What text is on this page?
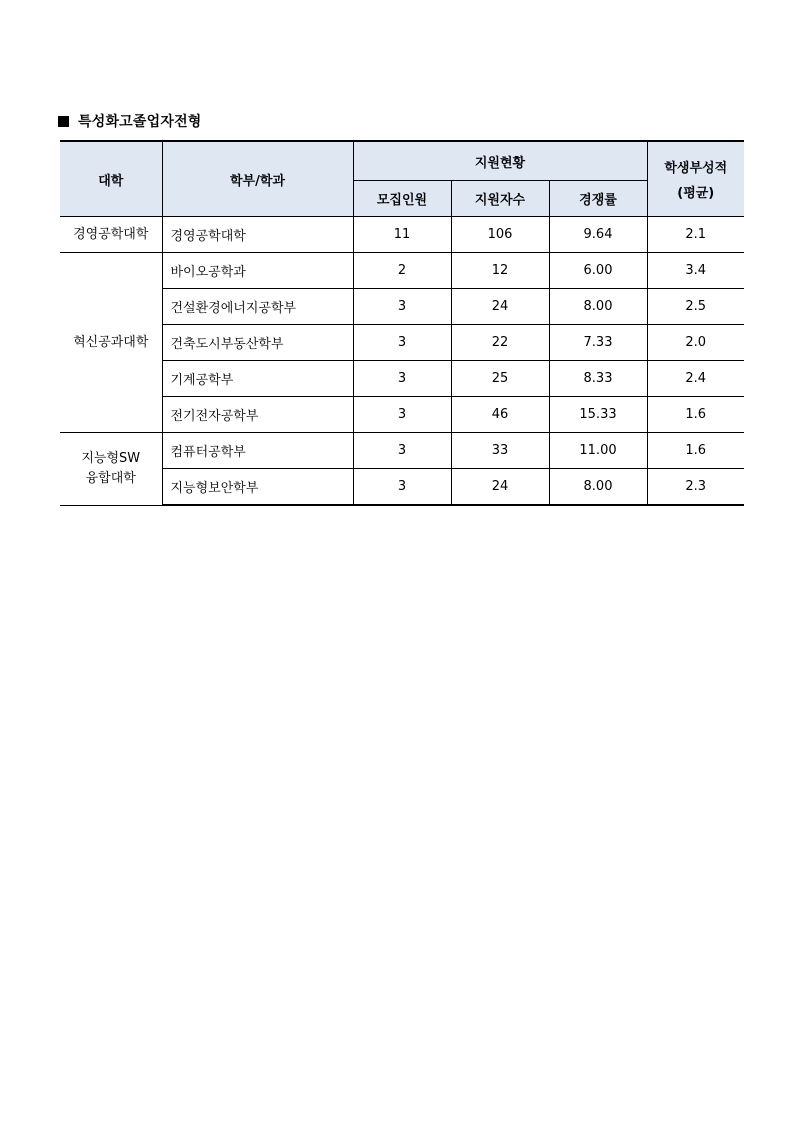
특성화고졸업자전형
대학	학부/학과	지원현황			학생부성적
(평균)

		모집인원	지원자수	경쟁률	

경영공학대학	경영공학대학	11	106	9.64	2.1

혁신공과대학	바이오공학과	2	12	6.00	3.4
	건설환경에너지공학부	3	24	8.00	2.5
	건축도시부동산학부	3	22	7.33	2.0
	기계공학부	3	25	8.33	2.4
	전기전자공학부	3	46	15.33	1.6

지능형SW
융합대학	컴퓨터공학부	3	33	11.00	1.6
	지능형보안학부	3	24	8.00	2.3
